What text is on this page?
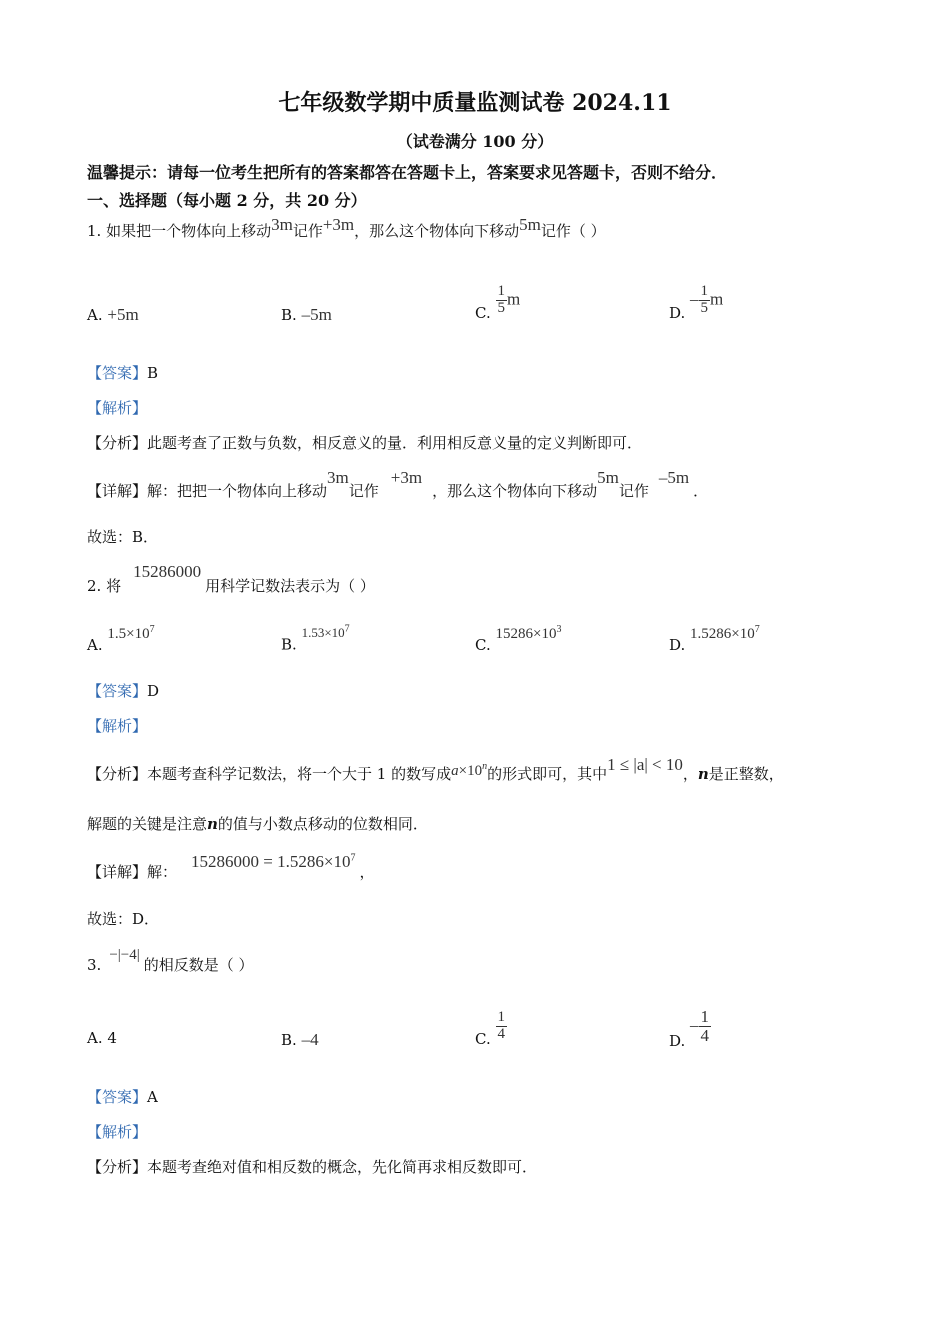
七年级数学期中质量监测试卷 2024.11
（试卷满分 100 分）
温馨提示：请每一位考生把所有的答案都答在答题卡上，答案要求见答题卡，否则不给分．
一、选择题（每小题 2 分，共 20 分）
1. 如果把一个物体向上移动3m记作+3m，那么这个物体向下移动5m记作（ ）
A. +5m	B. –5m	C. $\frac{1}{5}$ m
D. – $\frac{1}{5}$ m
【答案】B
【解析】
【分析】此题考查了正数与负数，相反意义的量．利用相反意义量的定义判断即可．
【详解】解：把把一个物体向上移动3m记作+3m，那么这个物体向下移动5m记作–5m．
故选：B．
2. 将15286000用科学记数法表示为（ ）
A. $1.5\times 10^7$
B. $1.53\times 10^7$
C. $15286\times 10^3$
D. $1.5286\times 10^7$
【答案】D
【解析】
【分析】本题考查科学记数法，将一个大于 1 的数写成$a\times 10^n$的形式即可，其中1 ≤ |a| < 10，n是正整数，
解题的关键是注意n的值与小数点移动的位数相同．
【详解】解：$15286000 = 1.5286\times 10^7$，
故选：D．
3.−|−4|的相反数是（ ）
A. 4	B. –4	C. $\frac{1}{4}$	D. – $\frac{1}{4}$
【答案】A
【解析】
【分析】本题考查绝对值和相反数的概念，先化简再求相反数即可．
